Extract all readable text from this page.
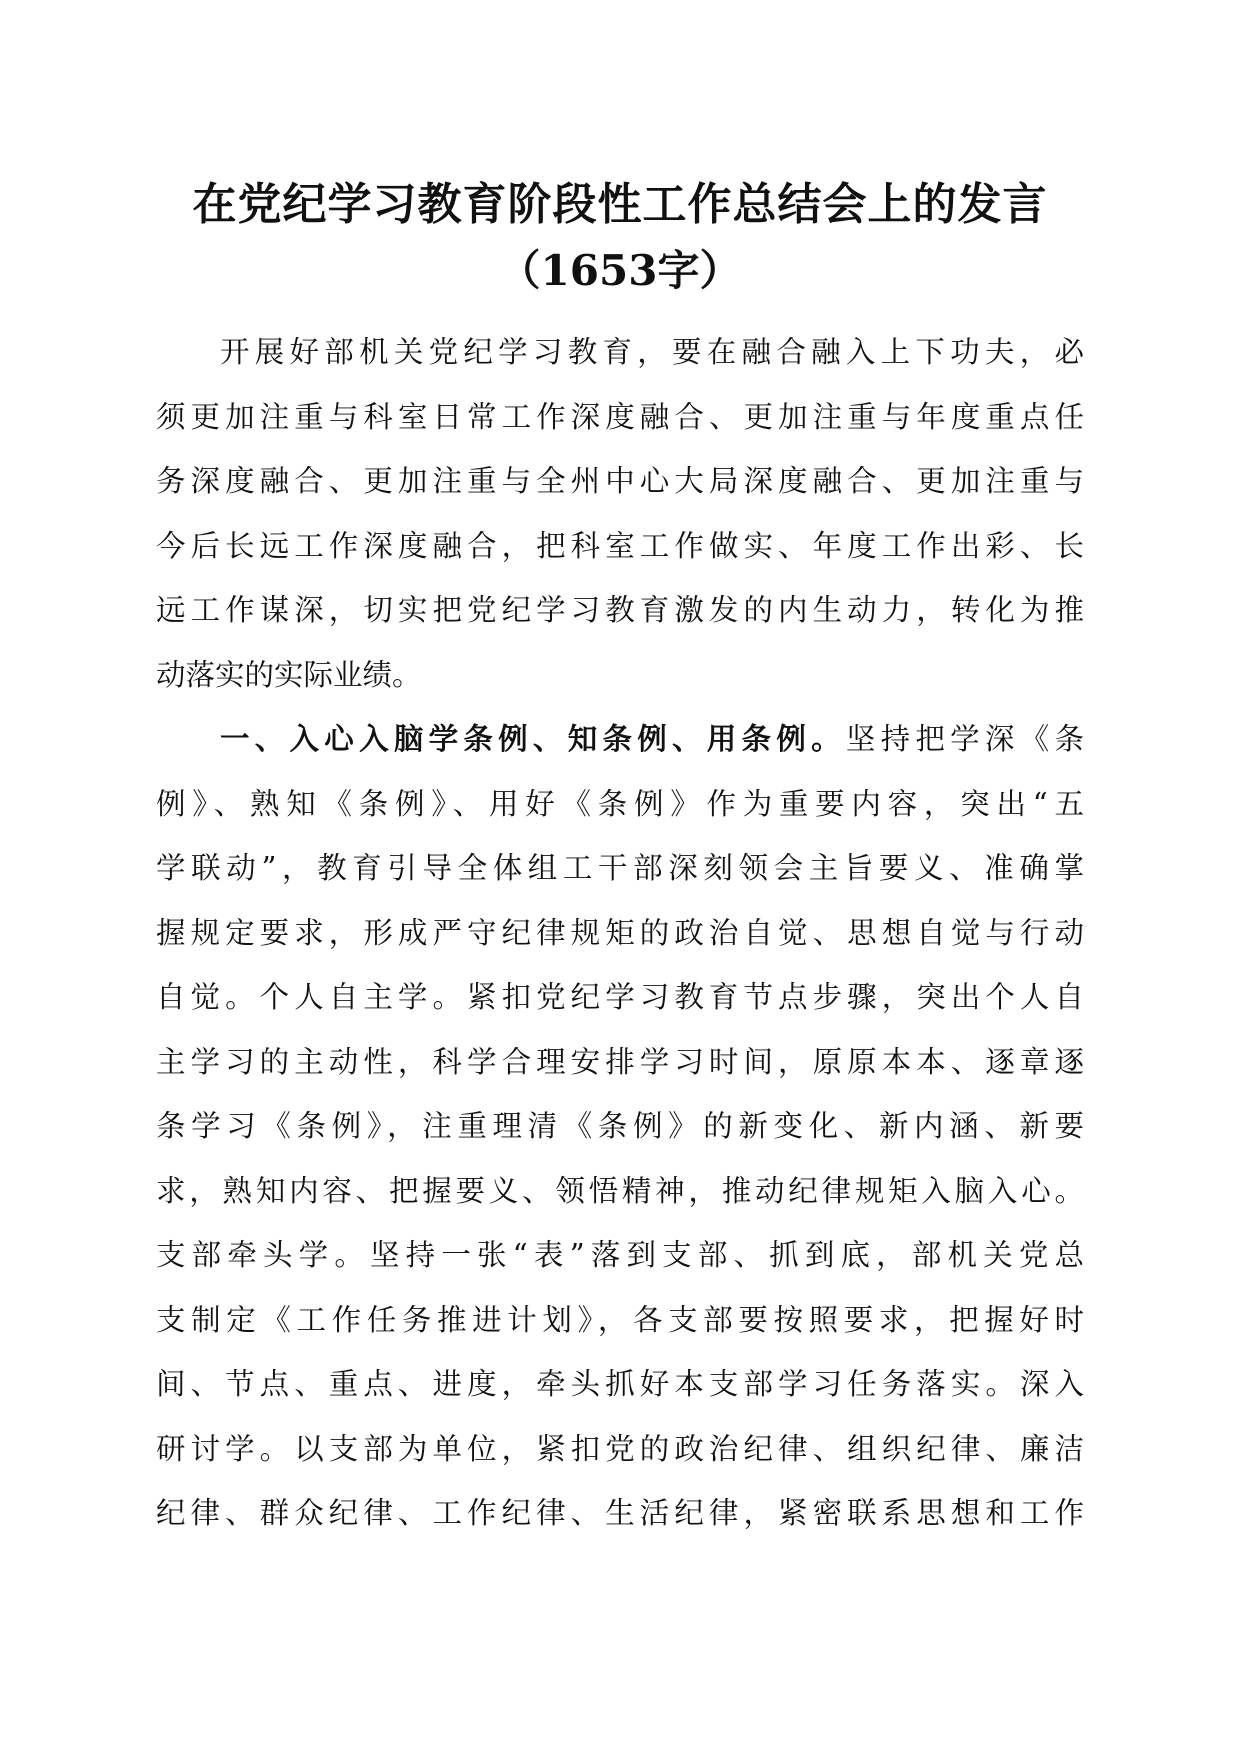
在党纪学习教育阶段性工作总结会上的发言
（1653字）
开展好部机关党纪学习教育，要在融合融入上下功夫，必
须更加注重与科室日常工作深度融合、更加注重与年度重点任
务深度融合、更加注重与全州中心大局深度融合、更加注重与
今后长远工作深度融合，把科室工作做实、年度工作出彩、长
远工作谋深，切实把党纪学习教育激发的内生动力，转化为推
动落实的实际业绩。
一、入心入脑学条例、知条例、用条例。坚持把学深《条
例》、熟知《条例》、用好《条例》作为重要内容，突出“五
学联动”，教育引导全体组工干部深刻领会主旨要义、准确掌
握规定要求，形成严守纪律规矩的政治自觉、思想自觉与行动
自觉。个人自主学。紧扣党纪学习教育节点步骤，突出个人自
主学习的主动性，科学合理安排学习时间，原原本本、逐章逐
条学习《条例》，注重理清《条例》的新变化、新内涵、新要
求，熟知内容、把握要义、领悟精神，推动纪律规矩入脑入心。
支部牵头学。坚持一张“表”落到支部、抓到底，部机关党总
支制定《工作任务推进计划》，各支部要按照要求，把握好时
间、节点、重点、进度，牵头抓好本支部学习任务落实。深入
研讨学。以支部为单位，紧扣党的政治纪律、组织纪律、廉洁
纪律、群众纪律、工作纪律、生活纪律，紧密联系思想和工作
